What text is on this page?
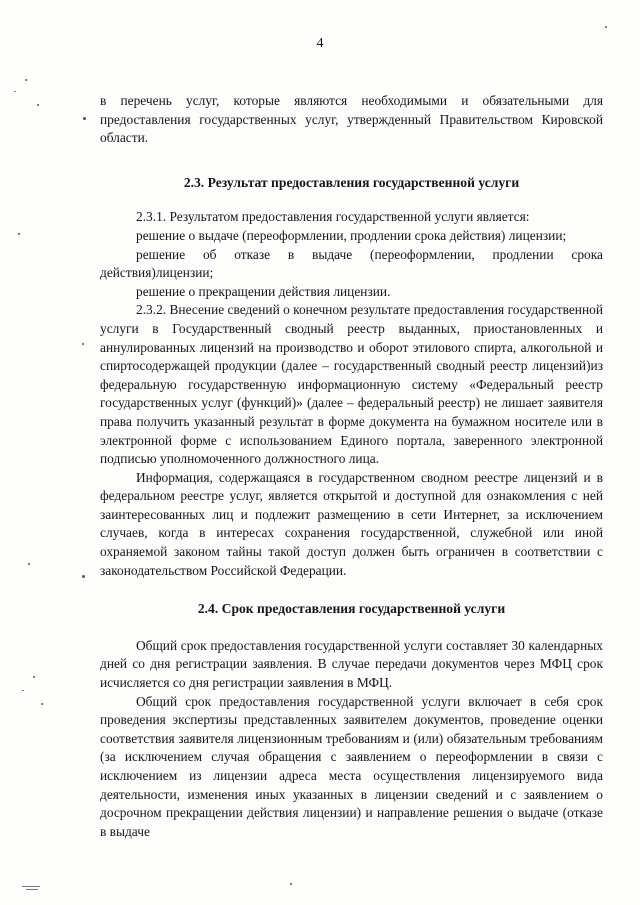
4

в перечень услуг, которые являются необходимыми и обязательными для предоставления государственных услуг, утвержденный Правительством Кировской области.

2.3. Результат предоставления государственной услуги

2.3.1. Результатом предоставления государственной услуги является:

решение о выдаче (переоформлении, продлении срока действия) лицензии;

решение об отказе в выдаче (переоформлении, продлении срока действия)лицензии;

решение о прекращении действия лицензии.

2.3.2. Внесение сведений о конечном результате предоставления государственной услуги в Государственный сводный реестр выданных, приостановленных и аннулированных лицензий на производство и оборот этилового спирта, алкогольной и спиртосодержащей продукции (далее – государственный сводный реестр лицензий)из федеральную государственную информационную систему «Федеральный реестр государственных услуг (функций)» (далее – федеральный реестр) не лишает заявителя права получить указанный результат в форме документа на бумажном носителе или в электронной форме с использованием Единого портала, заверенного электронной подписью уполномоченного должностного лица.

Информация, содержащаяся в государственном сводном реестре лицензий и в федеральном реестре услуг, является открытой и доступной для ознакомления с ней заинтересованных лиц и подлежит размещению в сети Интернет, за исключением случаев, когда в интересах сохранения государственной, служебной или иной охраняемой законом тайны такой доступ должен быть ограничен в соответствии с законодательством Российской Федерации.

2.4. Срок предоставления государственной услуги

Общий срок предоставления государственной услуги составляет 30 календарных дней со дня регистрации заявления. В случае передачи документов через МФЦ срок исчисляется со дня регистрации заявления в МФЦ.

Общий срок предоставления государственной услуги включает в себя срок проведения экспертизы представленных заявителем документов, проведение оценки соответствия заявителя лицензионным требованиям и (или) обязательным требованиям (за исключением случая обращения с заявлением о переоформлении в связи с исключением из лицензии адреса места осуществления лицензируемого вида деятельности, изменения иных указанных в лицензии сведений и с заявлением о досрочном прекращении действия лицензии) и направление решения о выдаче (отказе в выдаче
